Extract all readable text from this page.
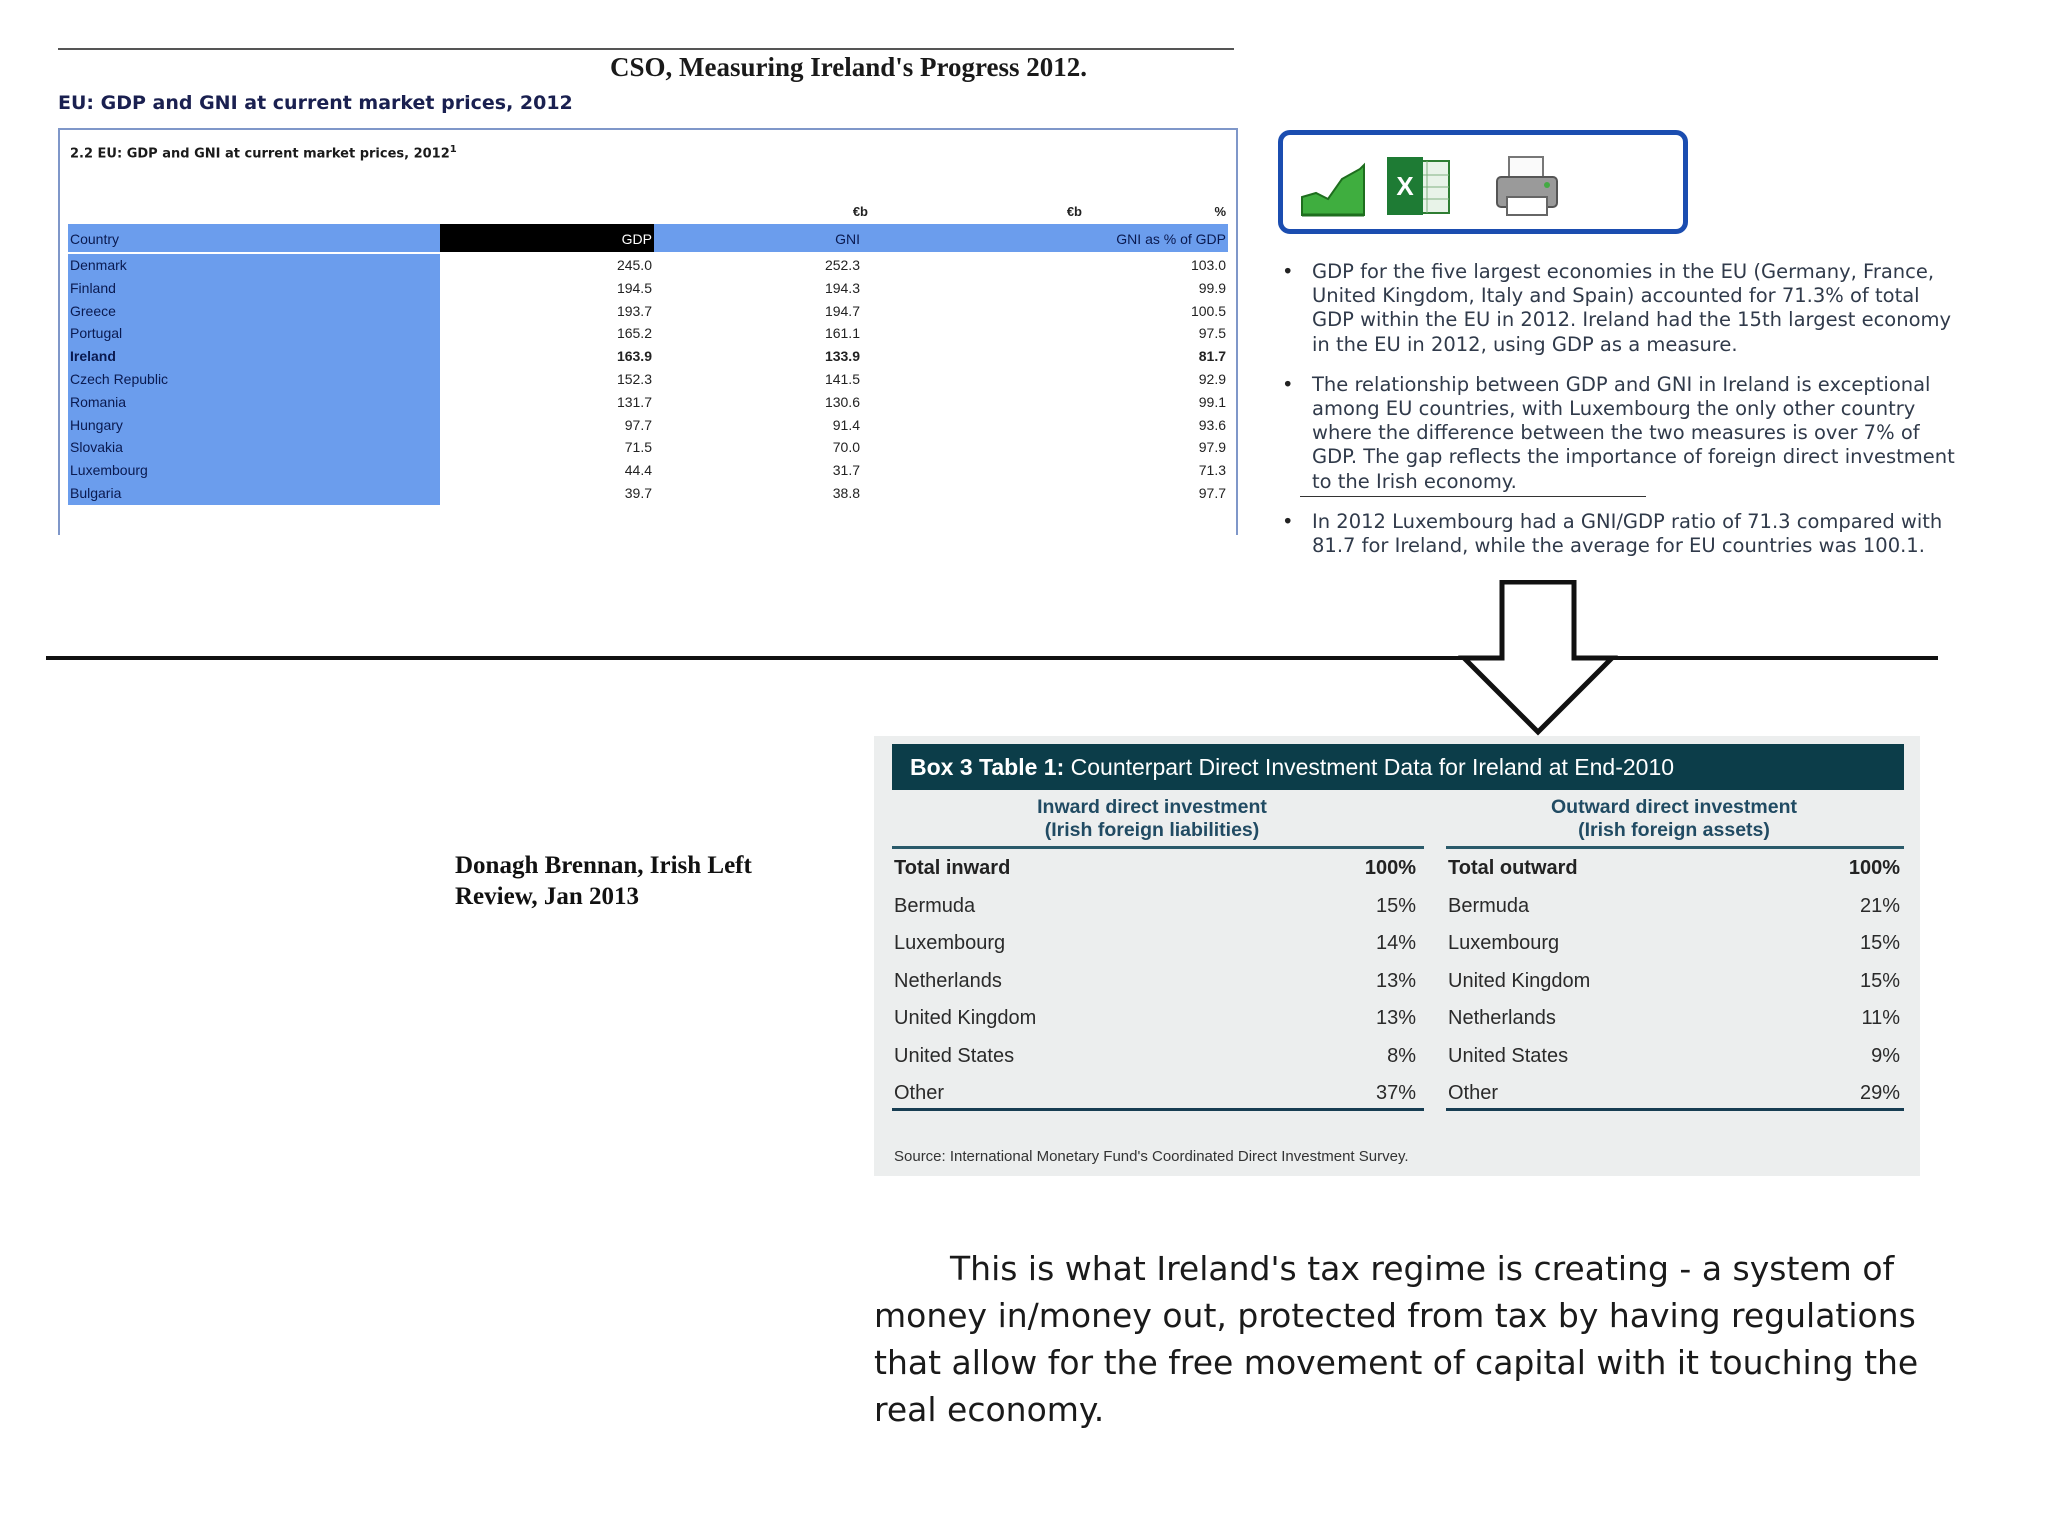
CSO, Measuring Ireland's Progress 2012.
EU: GDP and GNI at current market prices, 2012
2.2 EU: GDP and GNI at current market prices, 2012$^1$
€b	€b	%
Country	GDP	GNI	GNI as % of GDP
Denmark	245.0	252.3	103.0
Finland	194.5	194.3	99.9
Greece	193.7	194.7	100.5
Portugal	165.2	161.1	97.5
Ireland	163.9	133.9	81.7
Czech Republic	152.3	141.5	92.9
Romania	131.7	130.6	99.1
Hungary	97.7	91.4	93.6
Slovakia	71.5	70.0	97.9
Luxembourg	44.4	31.7	71.3
Bulgaria	39.7	38.8	97.7
X
• GDP for the five largest economies in the EU (Germany, France, United Kingdom, Italy and Spain) accounted for 71.3% of total GDP within the EU in 2012. Ireland had the 15th largest economy in the EU in 2012, using GDP as a measure.
• The relationship between GDP and GNI in Ireland is exceptional among EU countries, with Luxembourg the only other country where the difference between the two measures is over 7% of GDP. The gap reflects the importance of foreign direct investment to the Irish economy.
• In 2012 Luxembourg had a GNI/GDP ratio of 71.3 compared with 81.7 for Ireland, while the average for EU countries was 100.1.
Donagh Brennan, Irish Left
Review, Jan 2013
Box 3 Table 1: Counterpart Direct Investment Data for Ireland at End-2010
Inward direct investment
(Irish foreign liabilities)
Outward direct investment
(Irish foreign assets)
Total inward	100%
Bermuda	15%
Luxembourg	14%
Netherlands	13%
United Kingdom	13%
United States	8%
Other	37%
Total outward	100%
Bermuda	21%
Luxembourg	15%
United Kingdom	15%
Netherlands	11%
United States	9%
Other	29%
Source: International Monetary Fund's Coordinated Direct Investment Survey.
This is what Ireland's tax regime is creating - a system of money in/money out, protected from tax by having regulations that allow for the free movement of capital with it touching the real economy.
